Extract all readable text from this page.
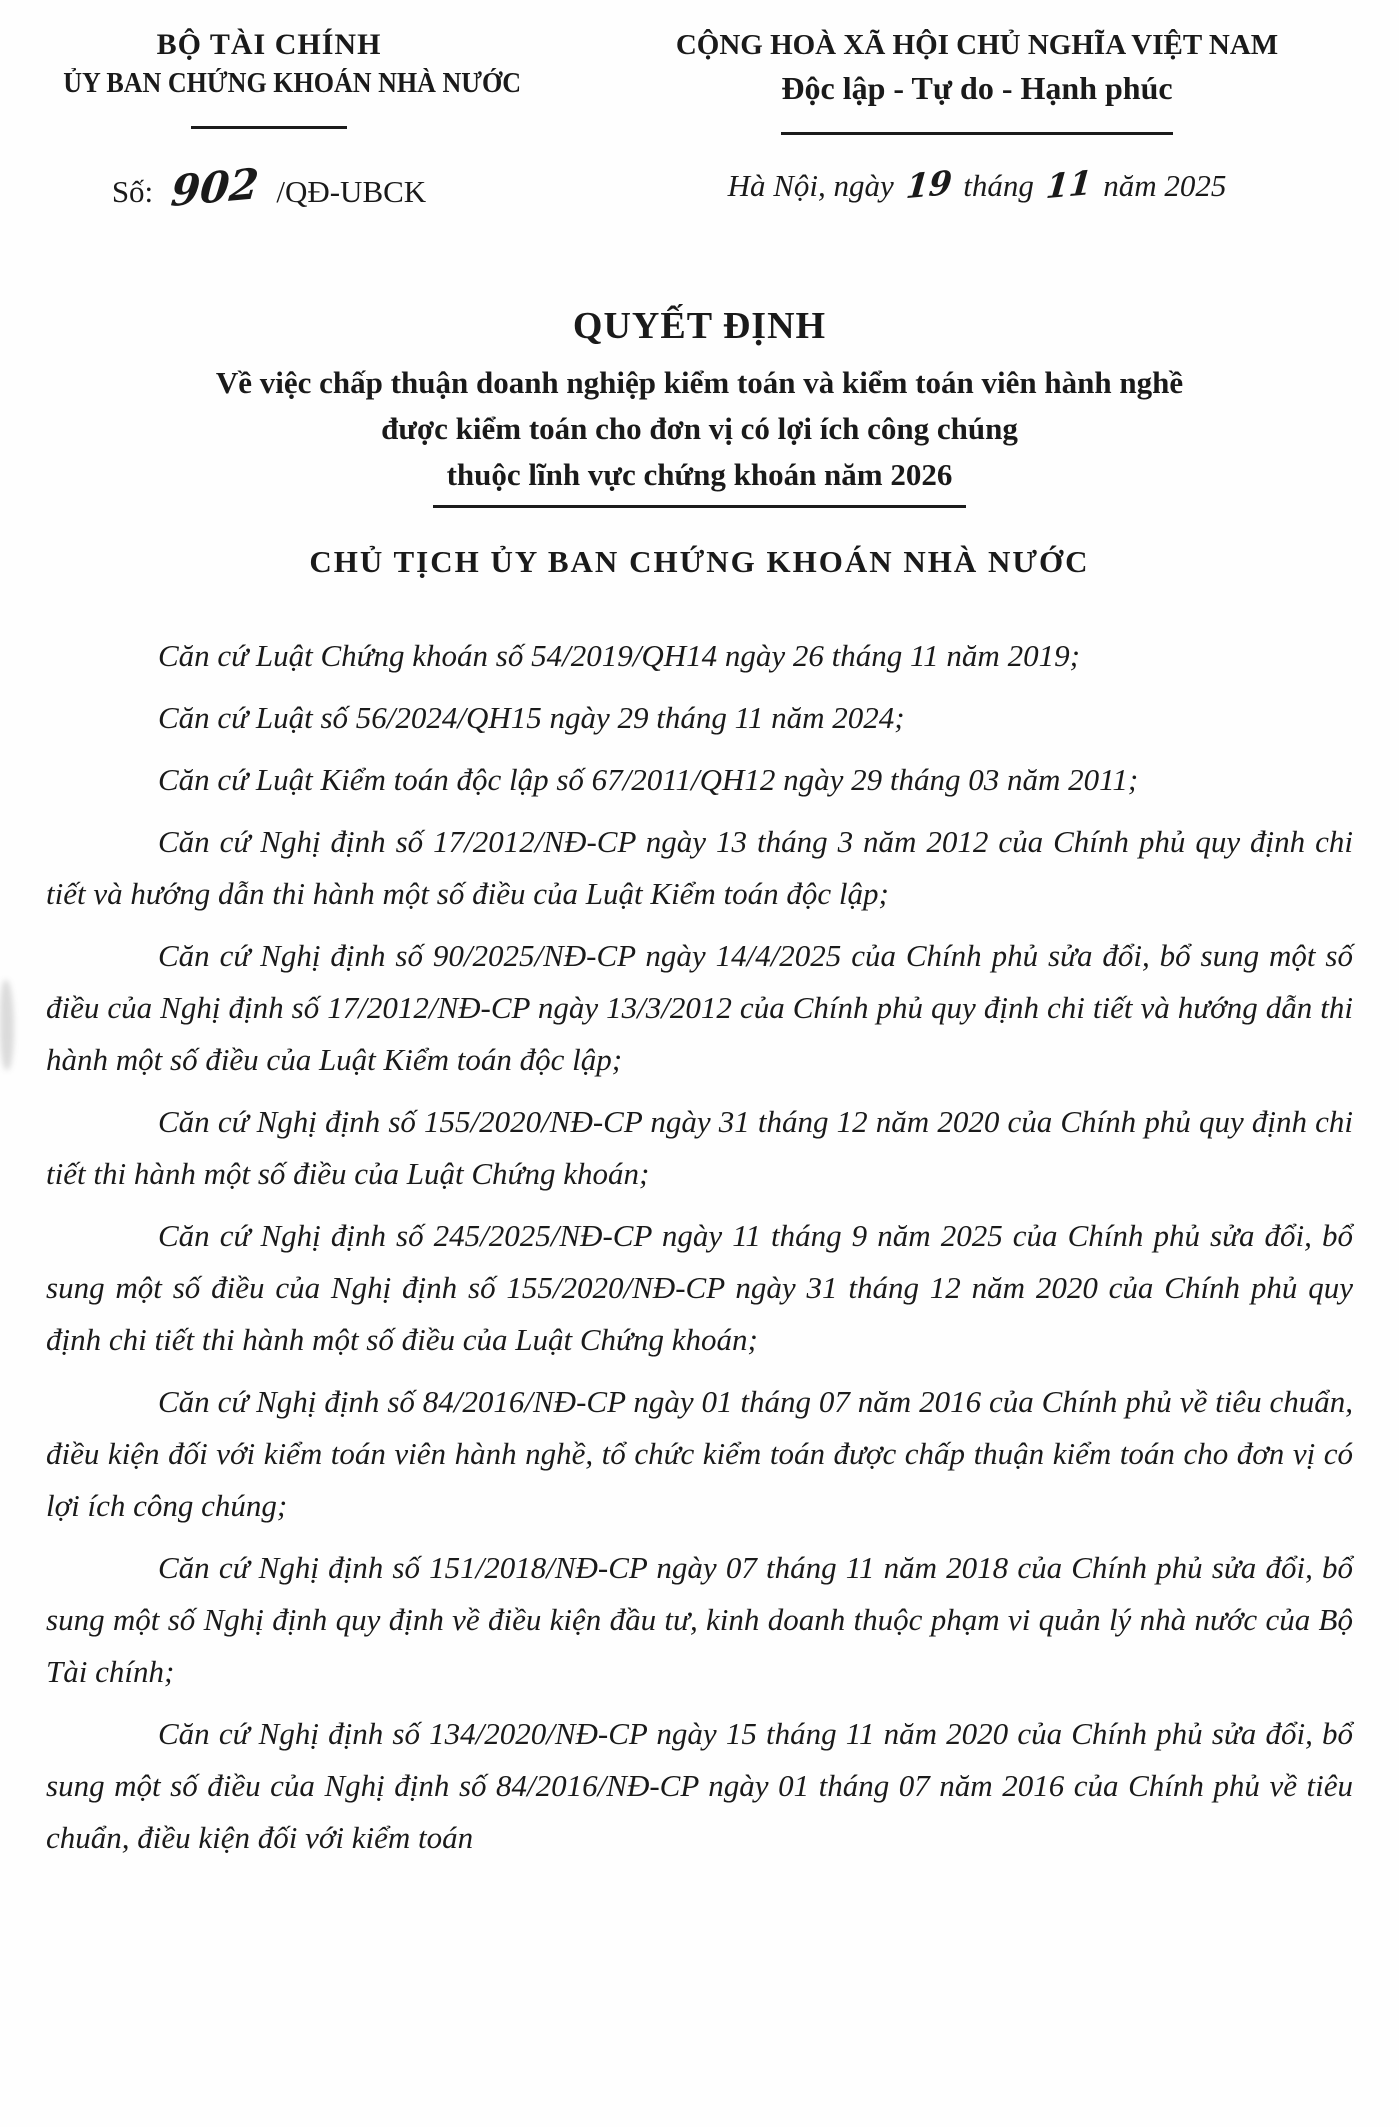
BỘ TÀI CHÍNH
ỦY BAN CHỨNG KHOÁN NHÀ NƯỚC
Số: 902 /QĐ-UBCK
CỘNG HOÀ XÃ HỘI CHỦ NGHĨA VIỆT NAM
Độc lập - Tự do - Hạnh phúc
Hà Nội, ngày 19 tháng 11 năm 2025
QUYẾT ĐỊNH
Về việc chấp thuận doanh nghiệp kiểm toán và kiểm toán viên hành nghề
được kiểm toán cho đơn vị có lợi ích công chúng
thuộc lĩnh vực chứng khoán năm 2026
CHỦ TỊCH ỦY BAN CHỨNG KHOÁN NHÀ NƯỚC

Căn cứ Luật Chứng khoán số 54/2019/QH14 ngày 26 tháng 11 năm 2019;

Căn cứ Luật số 56/2024/QH15 ngày 29 tháng 11 năm 2024;

Căn cứ Luật Kiểm toán độc lập số 67/2011/QH12 ngày 29 tháng 03 năm 2011;

Căn cứ Nghị định số 17/2012/NĐ-CP ngày 13 tháng 3 năm 2012 của Chính phủ quy định chi tiết và hướng dẫn thi hành một số điều của Luật Kiểm toán độc lập;

Căn cứ Nghị định số 90/2025/NĐ-CP ngày 14/4/2025 của Chính phủ sửa đổi, bổ sung một số điều của Nghị định số 17/2012/NĐ-CP ngày 13/3/2012 của Chính phủ quy định chi tiết và hướng dẫn thi hành một số điều của Luật Kiểm toán độc lập;

Căn cứ Nghị định số 155/2020/NĐ-CP ngày 31 tháng 12 năm 2020 của Chính phủ quy định chi tiết thi hành một số điều của Luật Chứng khoán;

Căn cứ Nghị định số 245/2025/NĐ-CP ngày 11 tháng 9 năm 2025 của Chính phủ sửa đổi, bổ sung một số điều của Nghị định số 155/2020/NĐ-CP ngày 31 tháng 12 năm 2020 của Chính phủ quy định chi tiết thi hành một số điều của Luật Chứng khoán;

Căn cứ Nghị định số 84/2016/NĐ-CP ngày 01 tháng 07 năm 2016 của Chính phủ về tiêu chuẩn, điều kiện đối với kiểm toán viên hành nghề, tổ chức kiểm toán được chấp thuận kiểm toán cho đơn vị có lợi ích công chúng;

Căn cứ Nghị định số 151/2018/NĐ-CP ngày 07 tháng 11 năm 2018 của Chính phủ sửa đổi, bổ sung một số Nghị định quy định về điều kiện đầu tư, kinh doanh thuộc phạm vi quản lý nhà nước của Bộ Tài chính;

Căn cứ Nghị định số 134/2020/NĐ-CP ngày 15 tháng 11 năm 2020 của Chính phủ sửa đổi, bổ sung một số điều của Nghị định số 84/2016/NĐ-CP ngày 01 tháng 07 năm 2016 của Chính phủ về tiêu chuẩn, điều kiện đối với kiểm toán
